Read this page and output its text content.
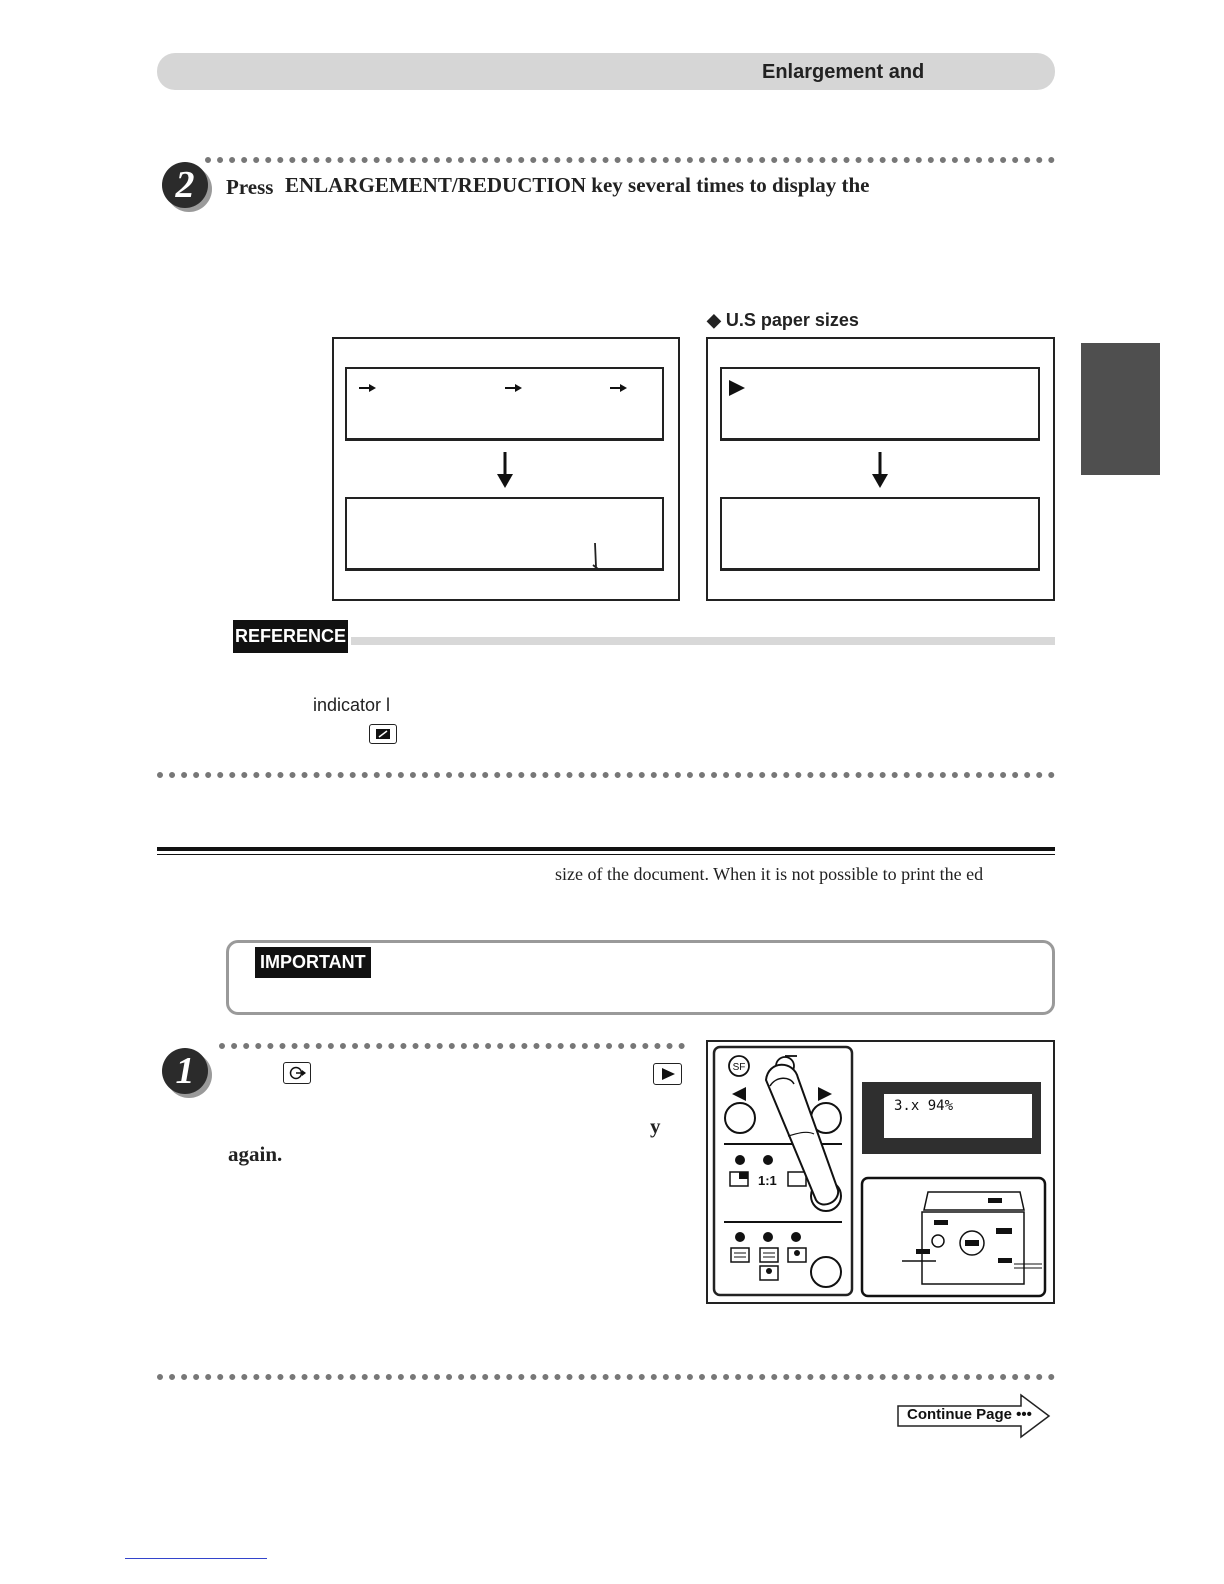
Enlargement and
2	Press ENLARGEMENT/REDUCTION key several times to display the
◆ U.S paper sizes
REFERENCE
indicator l
size of the document. When it is not possible to print the ed
IMPORTANT
1
y
again.
SF
1:1
3.x 94%
Continue Page •••
